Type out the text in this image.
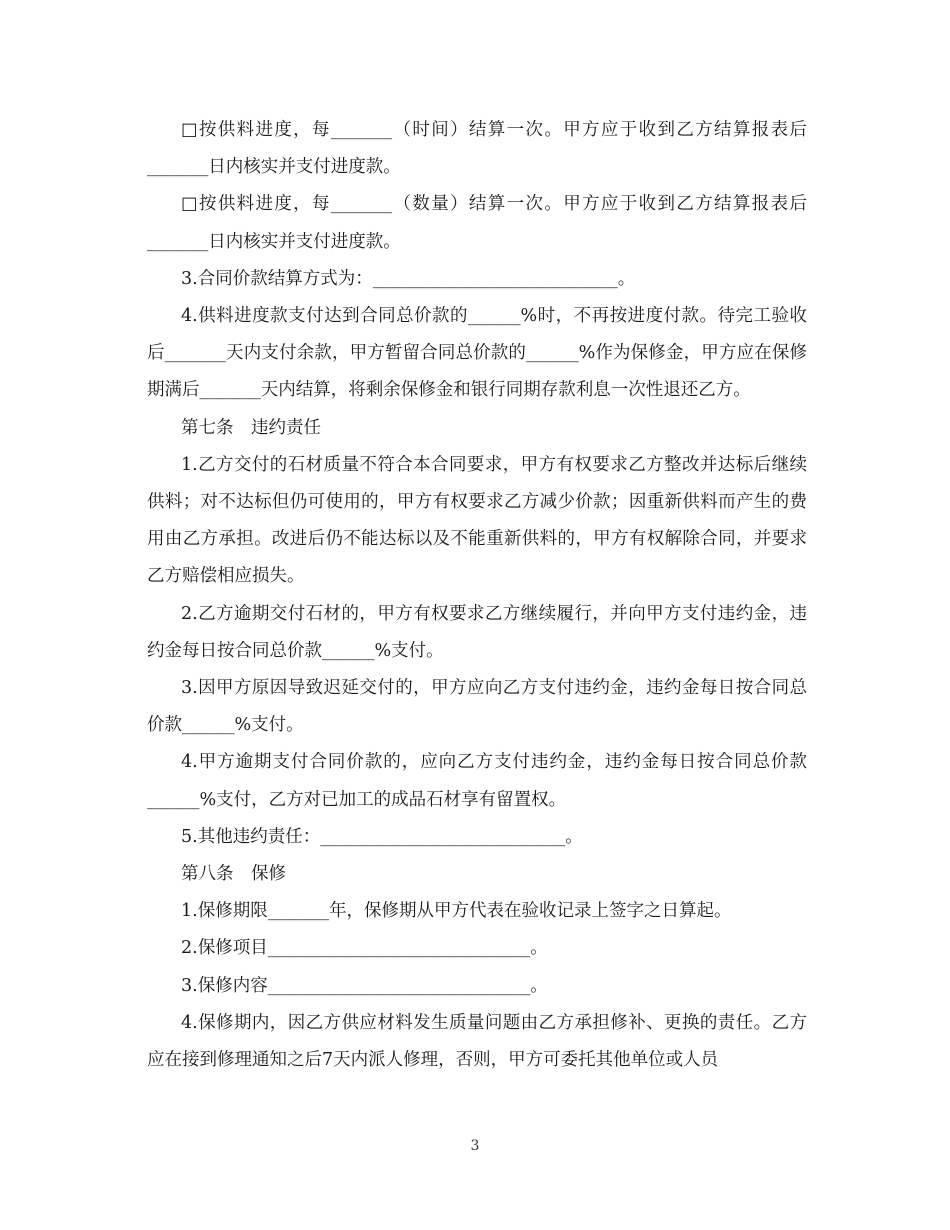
□按供料进度，每_______（时间）结算一次。甲方应于收到乙方结算报表后_______日内核实并支付进度款。

□按供料进度，每_______（数量）结算一次。甲方应于收到乙方结算报表后_______日内核实并支付进度款。

3.合同价款结算方式为：____________________________。

4.供料进度款支付达到合同总价款的______%时，不再按进度付款。待完工验收后_______天内支付余款，甲方暂留合同总价款的______%作为保修金，甲方应在保修期满后_______天内结算，将剩余保修金和银行同期存款利息一次性退还乙方。

第七条　违约责任

1.乙方交付的石材质量不符合本合同要求，甲方有权要求乙方整改并达标后继续供料；对不达标但仍可使用的，甲方有权要求乙方减少价款；因重新供料而产生的费用由乙方承担。改进后仍不能达标以及不能重新供料的，甲方有权解除合同，并要求乙方赔偿相应损失。

2.乙方逾期交付石材的，甲方有权要求乙方继续履行，并向甲方支付违约金，违约金每日按合同总价款______%支付。

3.因甲方原因导致迟延交付的，甲方应向乙方支付违约金，违约金每日按合同总价款______%支付。

4.甲方逾期支付合同价款的，应向乙方支付违约金，违约金每日按合同总价款______%支付，乙方对已加工的成品石材享有留置权。

5.其他违约责任：____________________________。

第八条　保修

1.保修期限_______年，保修期从甲方代表在验收记录上签字之日算起。

2.保修项目______________________________。

3.保修内容______________________________。

4.保修期内，因乙方供应材料发生质量问题由乙方承担修补、更换的责任。乙方应在接到修理通知之后7天内派人修理，否则，甲方可委托其他单位或人员

3
